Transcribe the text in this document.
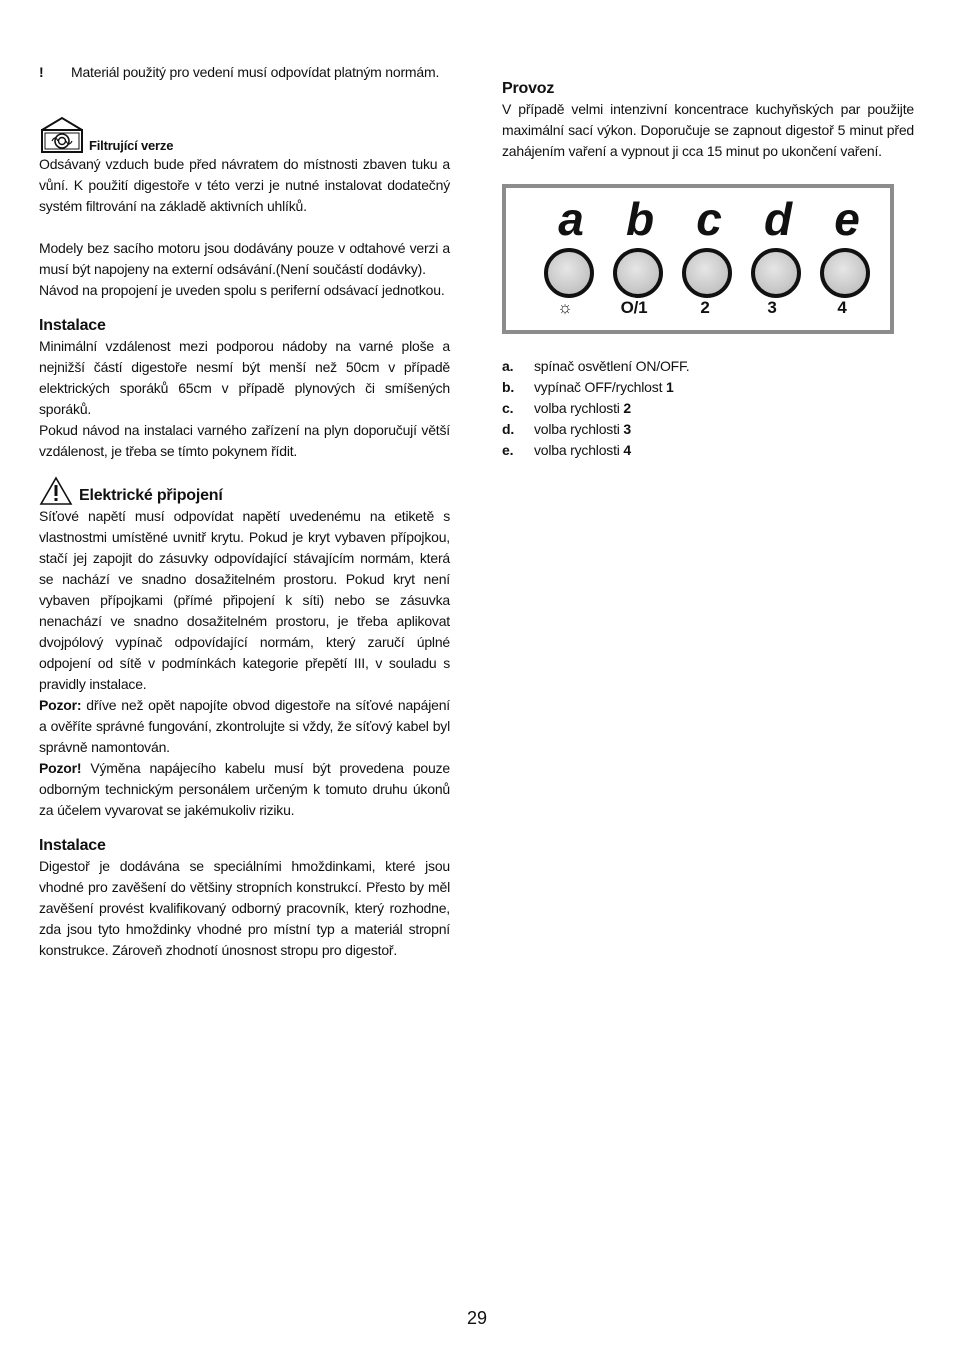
!	Materiál použitý pro vedení musí odpovídat platným normám.
Filtrující verze

Odsávaný vzduch bude před návratem do místnosti zbaven tuku a vůní. K použití digestoře v této verzi je nutné instalovat dodatečný systém filtrování na základě aktivních uhlíků.

Modely bez sacího motoru jsou dodávány pouze v odtahové verzi a musí být napojeny na externí odsávání.(Není součástí dodávky).

Návod na propojení je uveden spolu s periferní odsávací jednotkou.

Instalace

Minimální vzdálenost mezi podporou nádoby na varné ploše a nejnižší částí digestoře nesmí být menší než 50cm v případě elektrických sporáků 65cm v případě plynových či smíšených sporáků.

Pokud návod na instalaci varného zařízení na plyn doporučují větší vzdálenost, je třeba se tímto pokynem řídit.

Elektrické připojení

Síťové napětí musí odpovídat napětí uvedenému na etiketě s vlastnostmi umístěné uvnitř krytu. Pokud je kryt vybaven přípojkou, stačí jej zapojit do zásuvky odpovídající stávajícím normám, která se nachází ve snadno dosažitelném prostoru. Pokud kryt není vybaven přípojkami (přímé připojení k síti) nebo se zásuvka nenachází ve snadno dosažitelném prostoru, je třeba aplikovat dvojpólový vypínač odpovídající normám, který zaručí úplné odpojení od sítě v podmínkách kategorie přepětí III, v souladu s pravidly instalace.

Pozor: dříve než opět napojíte obvod digestoře na síťové napájení a ověříte správné fungování, zkontrolujte si vždy, že síťový kabel byl správně namontován.

Pozor! Výměna napájecího kabelu musí být provedena pouze odborným technickým personálem určeným k tomuto druhu úkonů za účelem vyvarovat se jakémukoliv riziku.

Instalace

Digestoř je dodávána se speciálními hmoždinkami, které jsou vhodné pro zavěšení do většiny stropních konstrukcí. Přesto by měl zavěšení provést kvalifikovaný odborný pracovník, který rozhodne, zda jsou tyto hmoždinky vhodné pro místní typ a materiál stropní konstrukce. Zároveň zhodnotí únosnost stropu pro digestoř.

Provoz

V případě velmi intenzivní koncentrace kuchyňských par použijte maximální sací výkon. Doporučuje se zapnout digestoř 5 minut před zahájením vaření a vypnout ji cca 15 minut po ukončení vaření.

a b c d e
☼	O/1	2	3	4
a.	spínač osvětlení ON/OFF.
b.	vypínač OFF/rychlost 1
c.	volba rychlosti 2
d.	volba rychlosti 3
e.	volba rychlosti 4
29
